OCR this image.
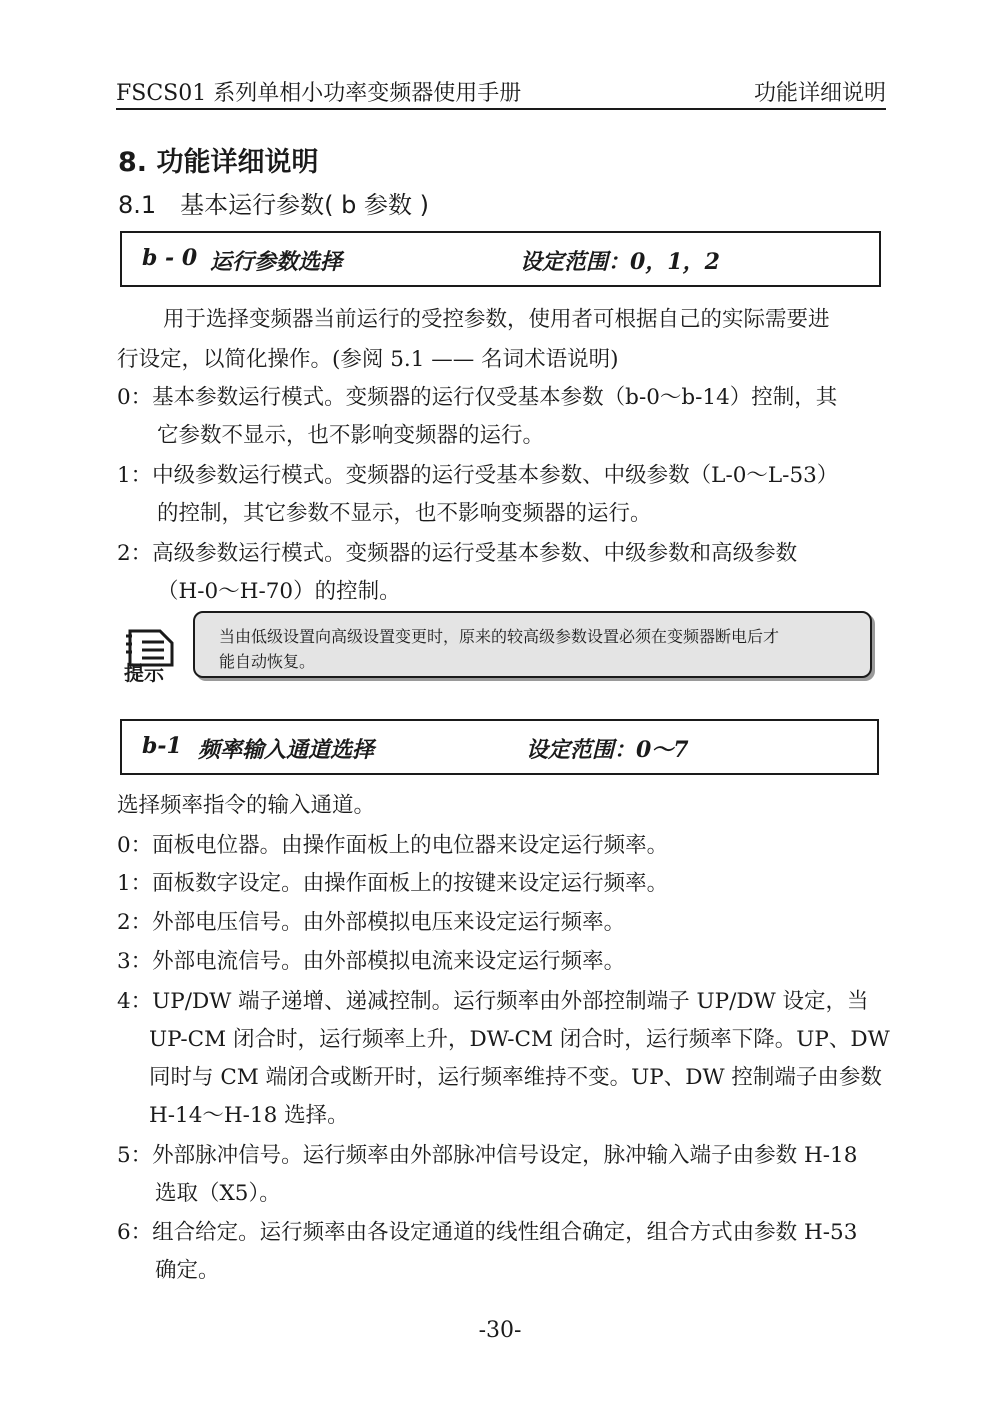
FSCS01 系列单相小功率变频器使用手册	功能详细说明
8. 功能详细说明
8.1　基本运行参数( b 参数 )
b - 0 运行参数选择	设定范围：0，1，2
用于选择变频器当前运行的受控参数，使用者可根据自己的实际需要进
行设定，以简化操作。(参阅 5.1 —— 名词术语说明)
0：基本参数运行模式。变频器的运行仅受基本参数（b-0～b-14）控制，其
它参数不显示，也不影响变频器的运行。
1：中级参数运行模式。变频器的运行受基本参数、中级参数（L-0～L-53）
的控制，其它参数不显示，也不影响变频器的运行。
2：高级参数运行模式。变频器的运行受基本参数、中级参数和高级参数
（H-0～H-70）的控制。
提示
当由低级设置向高级设置变更时，原来的较高级参数设置必须在变频器断电后才
能自动恢复。
b-1 频率输入通道选择	设定范围：0～7
选择频率指令的输入通道。
0：面板电位器。由操作面板上的电位器来设定运行频率。
1：面板数字设定。由操作面板上的按键来设定运行频率。
2：外部电压信号。由外部模拟电压来设定运行频率。
3：外部电流信号。由外部模拟电流来设定运行频率。
4：UP/DW 端子递增、递减控制。运行频率由外部控制端子 UP/DW 设定，当
UP-CM 闭合时，运行频率上升，DW-CM 闭合时，运行频率下降。UP、DW
同时与 CM 端闭合或断开时，运行频率维持不变。UP、DW 控制端子由参数
H-14～H-18 选择。
5：外部脉冲信号。运行频率由外部脉冲信号设定，脉冲输入端子由参数 H-18
选取（X5）。
6：组合给定。运行频率由各设定通道的线性组合确定，组合方式由参数 H-53
确定。
-30-
